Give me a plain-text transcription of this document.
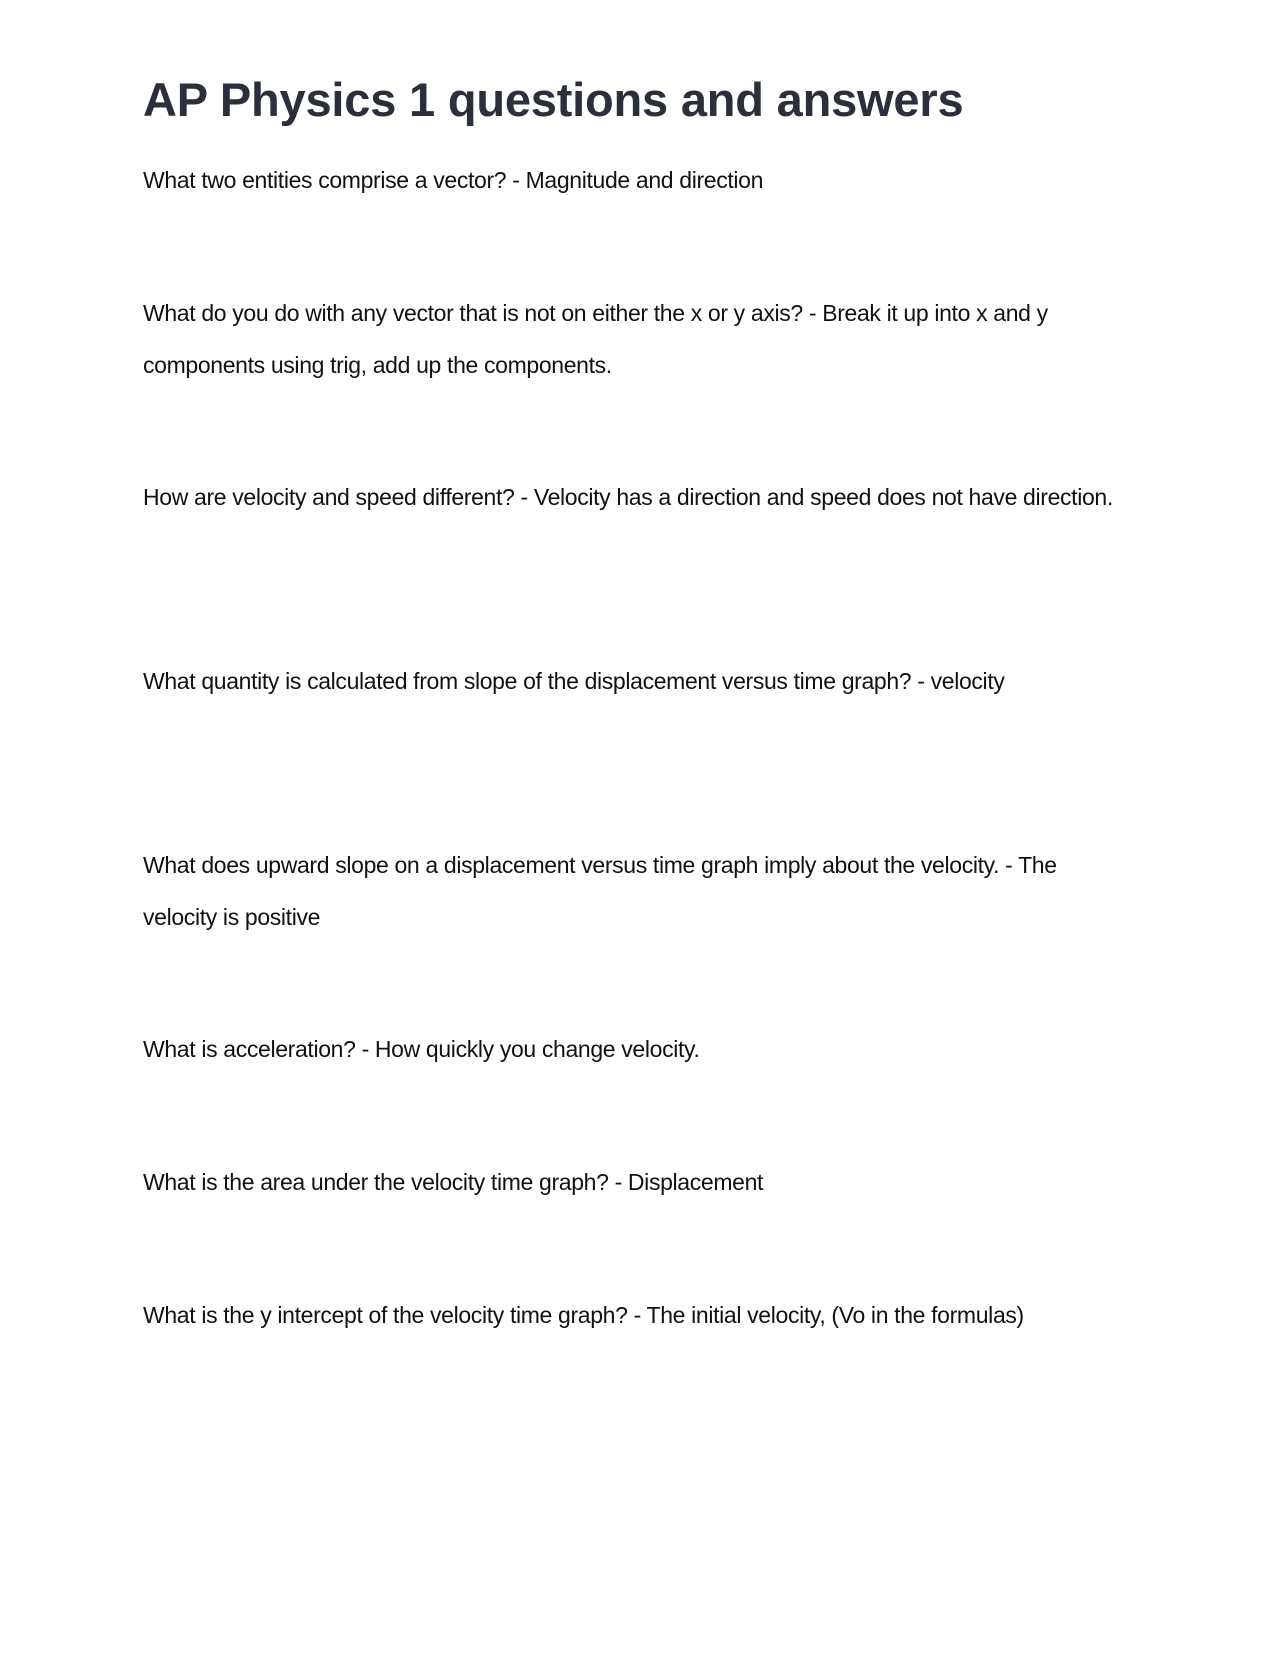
AP Physics 1 questions and answers

What two entities comprise a vector? - Magnitude and direction

What do you do with any vector that is not on either the x or y axis? - Break it up into x and y components using trig, add up the components.

How are velocity and speed different? - Velocity has a direction and speed does not have direction.

What quantity is calculated from slope of the displacement versus time graph? - velocity

What does upward slope on a displacement versus time graph imply about the velocity. - The velocity is positive

What is acceleration? - How quickly you change velocity.

What is the area under the velocity time graph? - Displacement

What is the y intercept of the velocity time graph? - The initial velocity, (Vo in the formulas)
